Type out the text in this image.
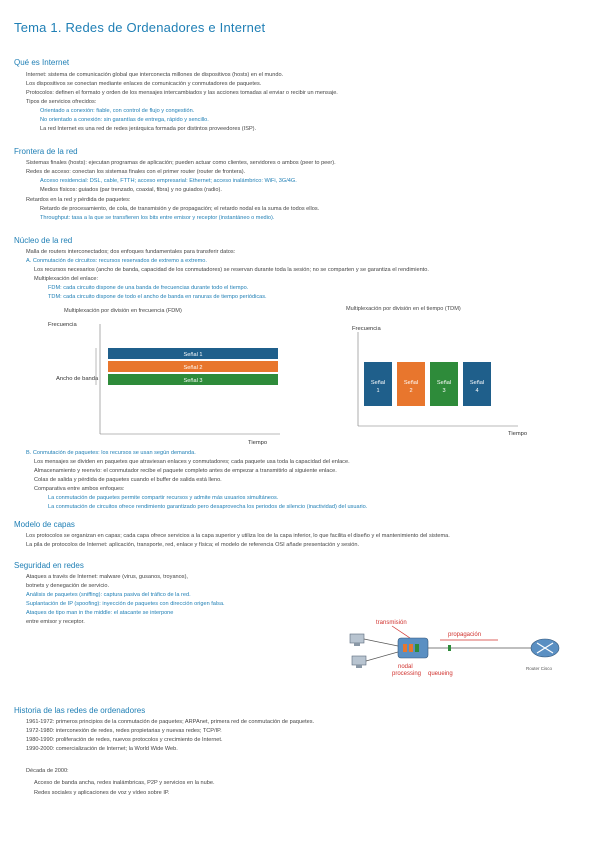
Tema 1. Redes de Ordenadores e Internet
Qué es Internet
Internet: sistema de comunicación global que interconecta millones de dispositivos (hosts) en el mundo.
Los dispositivos se conectan mediante enlaces de comunicación y conmutadores de paquetes.
Protocolos: definen el formato y orden de los mensajes intercambiados y las acciones tomadas al enviar o recibir un mensaje.
Tipos de servicios ofrecidos:
Orientado a conexión: fiable, con control de flujo y congestión.
No orientado a conexión: sin garantías de entrega, rápido y sencillo.
La red Internet es una red de redes jerárquica formada por distintos proveedores (ISP).
Frontera de la red
Sistemas finales (hosts): ejecutan programas de aplicación; pueden actuar como clientes, servidores o ambos (peer to peer).
Redes de acceso: conectan los sistemas finales con el primer router (router de frontera).
Acceso residencial: DSL, cable, FTTH; acceso empresarial: Ethernet; acceso inalámbrico: WiFi, 3G/4G.
Medios físicos: guiados (par trenzado, coaxial, fibra) y no guiados (radio).
Retardos en la red y pérdida de paquetes:
Retardo de procesamiento, de cola, de transmisión y de propagación; el retardo nodal es la suma de todos ellos.
Throughput: tasa a la que se transfieren los bits entre emisor y receptor (instantáneo o medio).
Núcleo de la red
Malla de routers interconectados; dos enfoques fundamentales para transferir datos:
A. Conmutación de circuitos: recursos reservados de extremo a extremo.
Los recursos necesarios (ancho de banda, capacidad de los conmutadores) se reservan durante toda la sesión; no se comparten y se garantiza el rendimiento.
Multiplexación del enlace:
FDM: cada circuito dispone de una banda de frecuencias durante todo el tiempo.
TDM: cada circuito dispone de todo el ancho de banda en ranuras de tiempo periódicas.
Multiplexación por división en frecuencia (FDM)
Frecuencia
Ancho de banda
Tiempo
Señal 1
Señal 2
Señal 3
Multiplexación por división en el tiempo (TDM)
Frecuencia
Tiempo
Señal
1
Señal
2
Señal
3
Señal
4
B. Conmutación de paquetes: los recursos se usan según demanda.
Los mensajes se dividen en paquetes que atraviesan enlaces y conmutadores; cada paquete usa toda la capacidad del enlace.
Almacenamiento y reenvío: el conmutador recibe el paquete completo antes de empezar a transmitirlo al siguiente enlace.
Colas de salida y pérdida de paquetes cuando el buffer de salida está lleno.
Comparativa entre ambos enfoques:
La conmutación de paquetes permite compartir recursos y admite más usuarios simultáneos.
La conmutación de circuitos ofrece rendimiento garantizado pero desaprovecha los periodos de silencio (inactividad) del usuario.
Modelo de capas
Los protocolos se organizan en capas; cada capa ofrece servicios a la capa superior y utiliza los de la capa inferior, lo que facilita el diseño y el mantenimiento del sistema.
La pila de protocolos de Internet: aplicación, transporte, red, enlace y física; el modelo de referencia OSI añade presentación y sesión.
Seguridad en redes
Ataques a través de Internet: malware (virus, gusanos, troyanos),
botnets y denegación de servicio.
Análisis de paquetes (sniffing): captura pasiva del tráfico de la red.
Suplantación de IP (spoofing): inyección de paquetes con dirección origen falsa.
Ataques de tipo man in the middle: el atacante se interpone
entre emisor y receptor.	transmisión
propagación
nodal
processing queueing
Router Cisco
Historia de las redes de ordenadores
1961-1972: primeros principios de la conmutación de paquetes; ARPAnet, primera red de conmutación de paquetes.
1972-1980: interconexión de redes, redes propietarias y nuevas redes; TCP/IP.
1980-1990: proliferación de redes, nuevos protocolos y crecimiento de Internet.
1990-2000: comercialización de Internet; la World Wide Web.
Década de 2000:
Acceso de banda ancha, redes inalámbricas, P2P y servicios en la nube.
Redes sociales y aplicaciones de voz y vídeo sobre IP.
